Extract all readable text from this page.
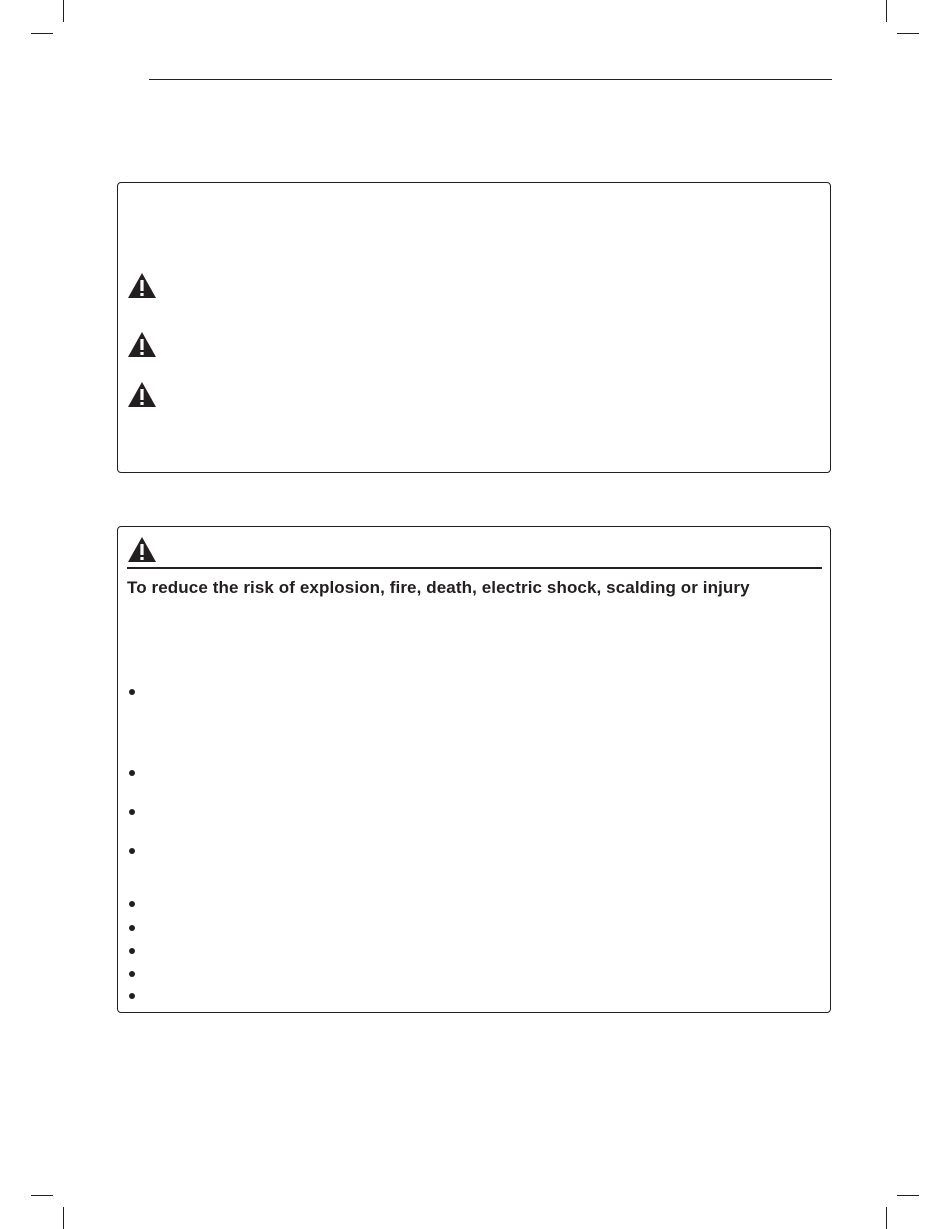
To reduce the risk of explosion, fire, death, electric shock, scalding or injury
